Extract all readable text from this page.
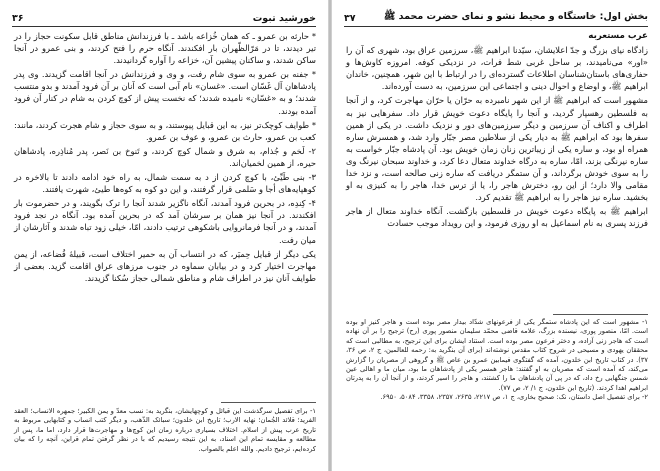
خورشید تبوت
۳۶

* حارثه بن عمرو ـ که همان خُزاعه باشد ـ با فرزندانش مناطق قابل سکونت حجاز را در تیر دیدند، تا در مَرّالظّهران بار افکندند. آنگاه حرم را فتح کردند، و بنی عمرو در آنجا ساکن شدند، و ساکنان پیشین آن، خزاعه را آواره گردانیدند.

* جفنه بن عمرو به سوی شام رفت، و وی و فرزندانش در آنجا اقامت گزیدند. وی پدر پادشاهان آل غَسّان است. «غسان» نام آبی است که آنان بر آن فرود آمدند و بدو منتسب شدند؛ و به «غسّان» نامیده شدند؛ که نخست پیش از کوچ کردن به شام در کنار آن فرود آمده بودند.

* طوایف کوچک‌تر نیز، به این قبایل پیوستند، و به سوی حجاز و شام هجرت کردند، مانند: کعب بن عمرو، حارث بن عمرو، و عوف بن عمرو.

۲- لَخم و جُذام، به شرق و شمال کوچ کردند، و تَنوخ بن نَصر، پدر مُناذِره، پادشاهان حیره، از همین لخمیان‌اند.

۳- بنی طَیِّئ، با کوچ کردن از د به سمت شمال، به راه خود ادامه دادند تا بالاخره در کوهپایه‌های أجا و سَلمی قرار گرفتند، و این دو کوه به کوه‌ها طیئ، شهرت یافتند.

۴- کِندِه، در بحرین فرود آمدند، آنگاه ناگزیر شدند آنجا را ترک بگویند، و در حضرموت بار افکندند. در آنجا نیز همان بر سرشان آمد که در بحرین آمده بود. آنگاه در نجد فرود آمدند، و در آنجا فرمانروایی باشکوهی ترتیب دادند، امّا، خیلی زود تباه شدند و آثارشان از میان رفت.

یکی دیگر از قبایل حِمیَر، که در انتساب آن به حمیر اختلاف است، قبیلهٔ قُضاعه، از یمن مهاجرت اختیار کرد و در بیابان سماوه در جنوب مرزهای عراق اقامت گزید. بعضی از طوایف آنان نیز در اطراف شام و مناطق شمالی حجاز سُکنا گزیدند.

۱- برای تفصیل سرگذشت این قبائل و کوچهایشان، بنگرید به: نسب معدّ و یمن الکبیر؛ جمهره الانساب؛ العقد الفرید؛ قلائد الجُمان؛ نهایه الارب؛ تاریخ ابن خلدون؛ سبائک الذّهب، و دیگر کتب انساب و کتابهایی مربوط به تاریخ عرب پیش از اسلام. اختلاف بسیاری درباره زمان این کوچ‌ها و مهاجرت‌ها قرار دارد، اما ما، پس از مطالعه و مقایسه تمام این اسناد، به این نتیجه رسیدیم که با در نظر گرفتن تمام قراین، آنچه را که بیان کرده‌ایم، ترجیح دادیم. والله اعلم بالصواب.

بخش اول: خاستگاه و محیط نشو و نمای حضرت محمد ﷺ
۳۷
عرب مستعربه

زادگاه نیای بزرگ و جدّ اعلایشان، سیّدنا ابراهیم ﷺ، سرزمین عراق بود، شهری که آن را «اور» می‌نامیدند، بر ساحل غربی شط فرات، در نزدیکی کوفه. امروزه کاوش‌ها و حفاری‌های باستان‌شناسان اطلاعات گسترده‌ای را در ارتباط با این شهر، همچنین، خاندان ابراهیم ﷺ، و اوضاع و احوال دینی و اجتماعی این سرزمین، به دست آورده‌اند.

مشهور است که ابراهیم ﷺ از این شهر نامبرده به حرّان یا حرّان مهاجرت کرد، و از آنجا به فلسطین رهسپار گردید، و آنجا را پایگاه دعوت خویش قرار داد. سفرهایی نیز به اطراف و اکناف آن سرزمین و دیگر سرزمین‌های دور و نزدیک داشت. در یکی از همین سفرها بود که ابراهیم ﷺ به دیار یکی از سلاطین مصر جبّار وارد شد، و همسرش ساره همراه او بود، و ساره یکی از زیباترین زنان زمان خویش بود. آن پادشاه جبّار خواست به ساره نیرنگی بزند، امّا، ساره به درگاه خداوند متعال دعا کرد، و خداوند سبحان نیرنگ وی را به سوی خودش برگرداند، و آن ستمگر دریافت که ساره زنی صالحه است، و نزد خدا مقامی والا دارد؛ از این رو، دخترش هاجر را، یا از ترس خدا، هاجر را به کنیزی به او بخشید. ساره نیز هاجر را به ابراهیم ﷺ تقدیم کرد.

ابراهیم ﷺ به پایگاه دعوت خویش در فلسطین بازگشت. آنگاه خداوند متعال از هاجر فرزند پسری به نام اسماعیل به او روزی فرمود، و این رویداد موجب حسادت

۱- مشهور است که این پادشاه ستمگر یکی از فرعونهای شدّاد بیدار مصر بوده است و هاجر کنیز او بوده است. امّا، منصور پوری، نیسنده بزرگ، علامه قاضی محمّد سلیمان منصور پوری (رح) ترجیح را بر آن نهاده است که هاجر زنی آزاده، و دختر فرعون مصر بوده است. استناد ایشان برای این ترجیح، به مطالبی است که محققان یهودی و مسیحی در شروح کتاب مقدس نوشته‌اند (برای آن بنگرید به: رحمه للعالمین، ج ۲، ص ۳۶، ۳۷). در کتاب تاریخ ابن خلدون، آمده که گفتگوی فیمابین عمرو بن عاص ﷺ و گروهی از مصریان را گزارش می‌کند، که آمده است که مصریان به او گفتند: هاجر همسر یکی از پادشاهان ما بود، میان ما و اهالی عین شمس جنگهایی رخ داد، که در پی آن پادشاهان ما را کشتند، و هاجر را اسیر کردند، و از آنجا آن را به پدرتان ابراهیم اهدا کردند. (تاریخ ابن خلدون، ج ۱/ ۲، ص ۷۷).

۲- برای تفصیل اصل داستان، نک: صحیح بخاری، ج ۱، ص ۲۲۱۷، ۲۶۳۵، ۲۳۵۷، ۳۳۵۸، ۵۰۸۴، ۶۹۵۰.
